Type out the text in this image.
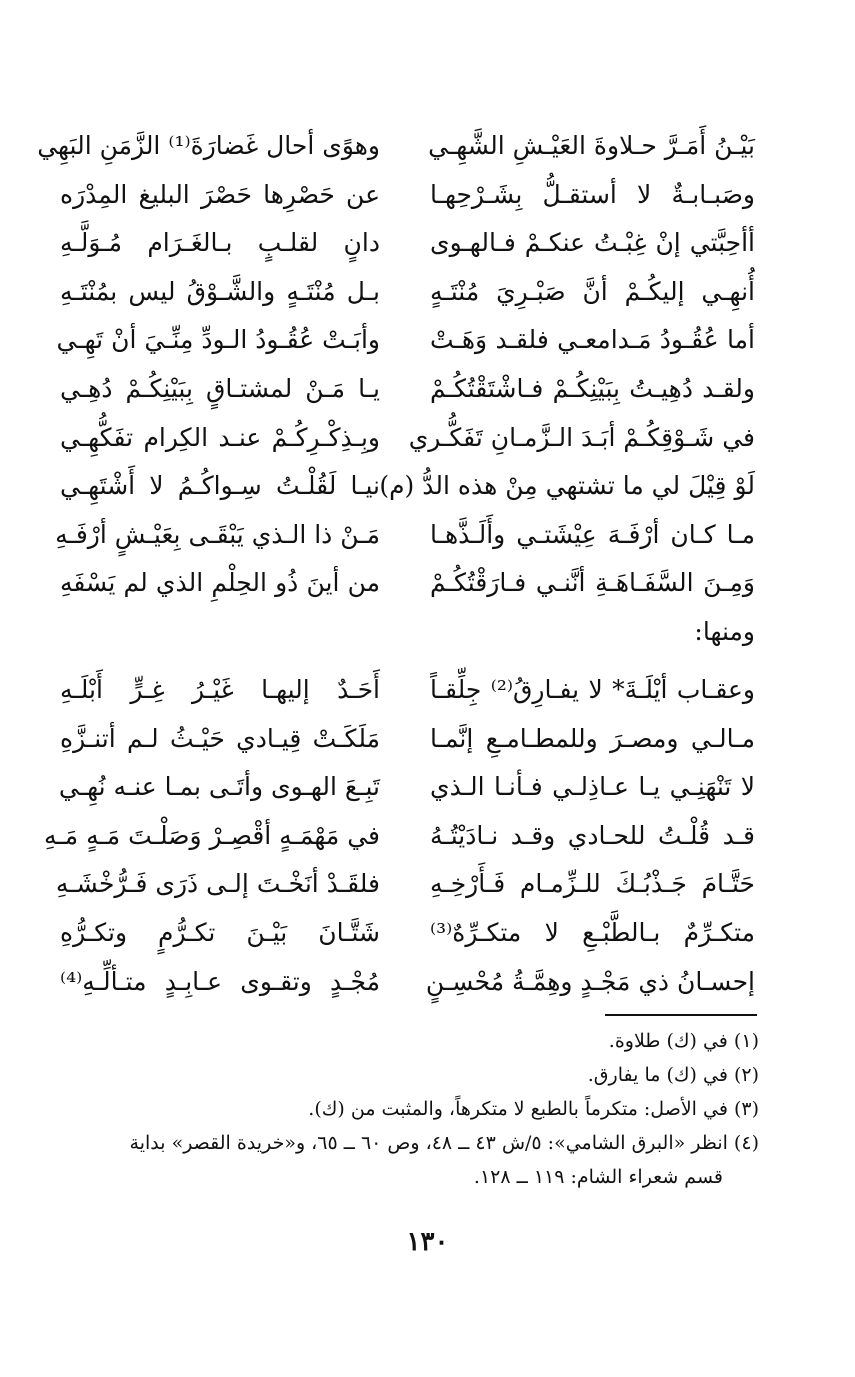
بَيْـنُ أَمَـرَّ حـلاوةَ العَيْـشِ الشَّهِـي
وهوًى أحال غَضارَةَ⁽¹⁾ الزَّمَنِ البَهِي
وصَبـابـةٌ لا أستقـلُّ بِشَـرْحِهـا
عن حَصْرِها حَصْرَ البليغ المِدْرَه
أأحِبَّتي إنْ غِبْـتُ عنكـمْ فـالهـوى
دانٍ لقلـبٍ بـالغَـرَام مُـوَلَّـهِ
أُنهِـي إليكُـمْ أنَّ صَبْـرِيَ مُنْتَـهٍ
بـل مُنْتَـهٍ والشَّـوْقُ ليس بمُنْتَـهِ
أما عُقُـودُ مَـدامعـي فلقـد وَهَـتْ
وأبَـتْ عُقُـودُ الـودِّ مِنِّـيَ أنْ تَهِـي
ولقـد دُهِيـتُ بِبَيْنِكُـمْ فـاشْتَقْتُكُـمْ
يـا مَـنْ لمشتـاقٍ بِبَيْنِكُـمْ دُهِـي
في شَـوْقِكُـمْ أبَـدَ الـزَّمـانِ تَفَكُّـري
وبِـذِكْـرِكُـمْ عنـد الكِرام تفَكُّهِـي
لَوْ قِيْلَ لي ما تشتهي مِنْ هذه الدُّ (م)
نيـا لَقُلْـتُ سِـواكُـمُ لا أَشْتَهِـي
مـا كـان أرْفَـهَ عِيْشَتـي وأَلَـذَّهـا
مَـنْ ذا الـذي يَبْقَـى بِعَيْـشٍ أرْفَـهِ
وَمِـنَ السَّفَـاهَـةِ أنَّنـي فـارَقْتُكُـمْ
من أينَ ذُو الحِلْمِ الذي لم يَسْفَهِ
ومنها:
وعقـاب أيْلَـةَ* لا يفـارِقُ⁽²⁾ جِلِّقـاً
أَحَـدٌ إليهـا غَيْـرُ غِـرٍّ أَبْلَـهِ
مـالـي ومصـرَ وللمطـامـعِ إنَّمـا
مَلَكَـتْ قِيـادي حَيْـثُ لـم أتنـزَّهِ
لا تَنْهَنِـي يـا عـاذِلـي فـأنـا الـذي
تَبِـعَ الهـوى وأتَـى بمـا عنـه نُهِـي
قـد قُلْـتُ للحـادي وقـد نـادَيْتُـهُ
في مَهْمَـهٍ أقْصِـرْ وَصَلْـتَ مَـهٍ مَـهِ
حَتَّـامَ جَـذْبُـكَ للـزِّمـام فَـأَرْخِـهِ
فلقَـدْ أنَخْـتَ إلـى ذَرَى فَـرُّخْشَـهِ
متكـرِّمٌ بـالطَّبْـعِ لا متكـرِّهٌ⁽³⁾
شَتَّـانَ بَيْـنَ تكـرُّمٍ وتكـرُّهِ
إحسـانُ ذي مَجْـدٍ وهِمَّـةُ مُحْسِـنٍ
مُجْـدٍ وتقـوى عـابِـدٍ متـألِّـهِ⁽⁴⁾
(١) في (ك) طلاوة.
(٢) في (ك) ما يفارق.
(٣) في الأصل: متكرماً بالطبع لا متكرهاً، والمثبت من (ك).
(٤) انظر «البرق الشامي»: ٥/ش ٤٣ ــ ٤٨، وص ٦٠ ــ ٦٥، و«خريدة القصر» بداية
قسم شعراء الشام: ١١٩ ــ ١٢٨.
١٣٠
